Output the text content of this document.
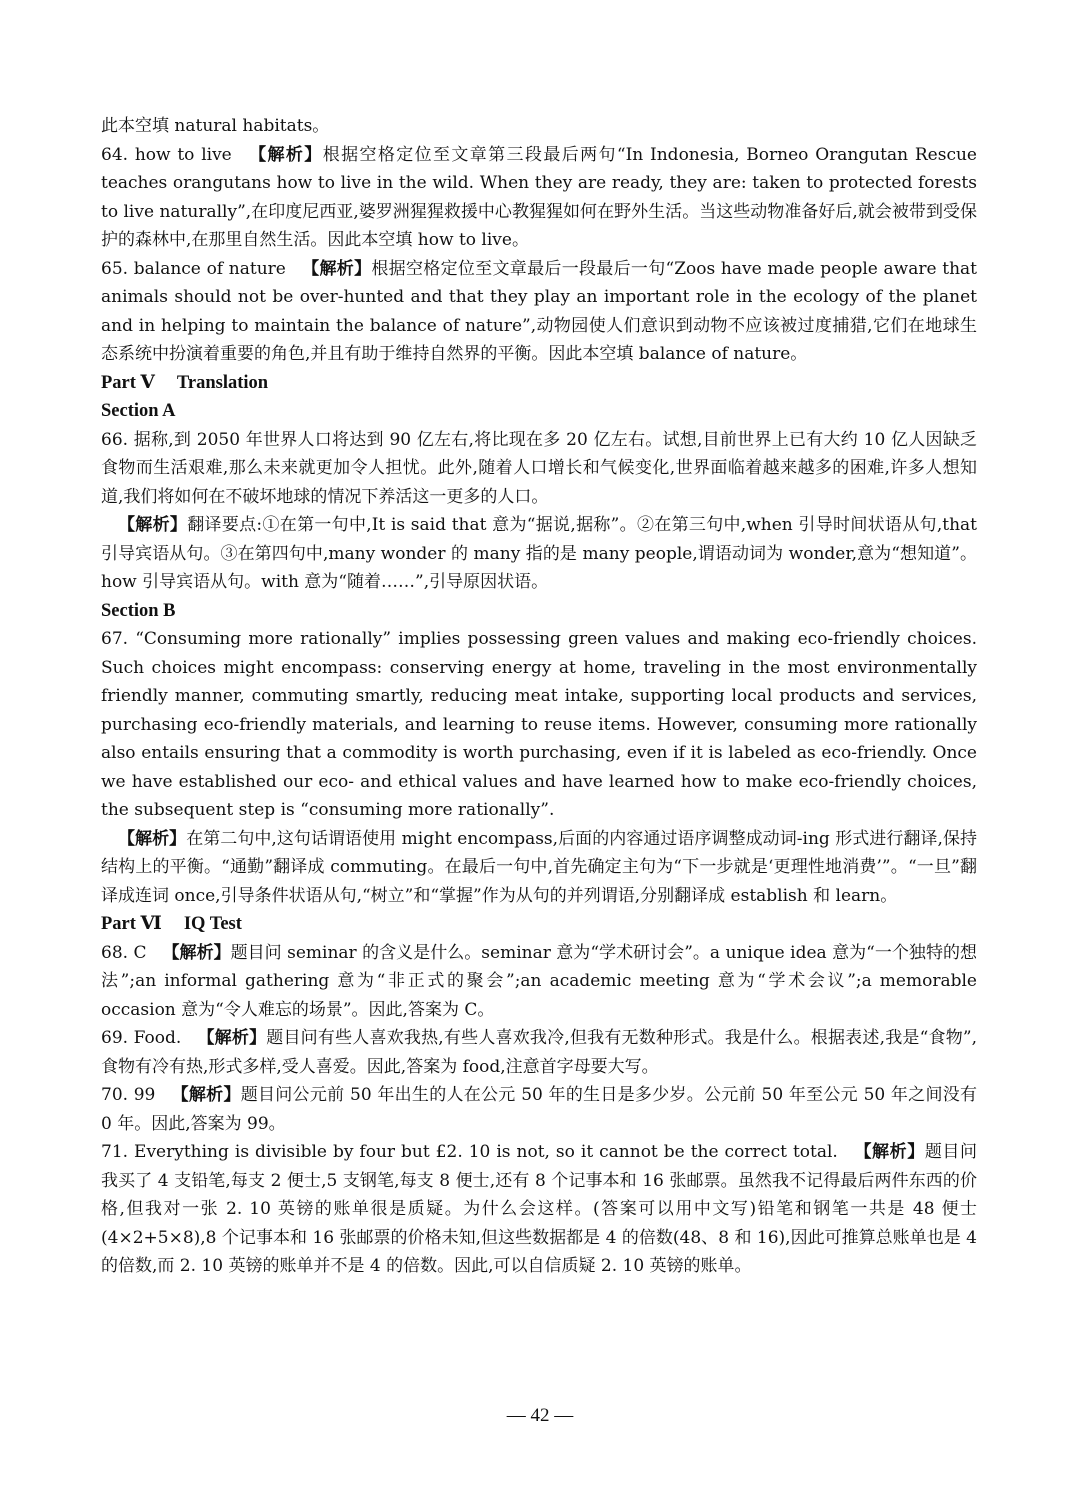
此本空填 natural habitats。

64. how to live 【解析】根据空格定位至文章第三段最后两句“In Indonesia, Borneo Orangutan Rescue teaches orangutans how to live in the wild. When they are ready, they are: taken to protected forests to live naturally”,在印度尼西亚,婆罗洲猩猩救援中心教猩猩如何在野外生活。当这些动物准备好后,就会被带到受保护的森林中,在那里自然生活。因此本空填 how to live。

65. balance of nature 【解析】根据空格定位至文章最后一段最后一句“Zoos have made people aware that animals should not be over-hunted and that they play an important role in the ecology of the planet and in helping to maintain the balance of nature”,动物园使人们意识到动物不应该被过度捕猎,它们在地球生态系统中扮演着重要的角色,并且有助于维持自然界的平衡。因此本空填 balance of nature。

Part Ⅴ Translation

Section A

66. 据称,到 2050 年世界人口将达到 90 亿左右,将比现在多 20 亿左右。试想,目前世界上已有大约 10 亿人因缺乏食物而生活艰难,那么未来就更加令人担忧。此外,随着人口增长和气候变化,世界面临着越来越多的困难,许多人想知道,我们将如何在不破坏地球的情况下养活这一更多的人口。

【解析】翻译要点:①在第一句中,It is said that 意为“据说,据称”。②在第三句中,when 引导时间状语从句,that 引导宾语从句。③在第四句中,many wonder 的 many 指的是 many people,谓语动词为 wonder,意为“想知道”。how 引导宾语从句。with 意为“随着……”,引导原因状语。

Section B

67. “Consuming more rationally” implies possessing green values and making eco-friendly choices. Such choices might encompass: conserving energy at home, traveling in the most environmentally friendly manner, commuting smartly, reducing meat intake, supporting local products and services, purchasing eco-friendly materials, and learning to reuse items. However, consuming more rationally also entails ensuring that a commodity is worth purchasing, even if it is labeled as eco-friendly. Once we have established our eco- and ethical values and have learned how to make eco-friendly choices, the subsequent step is “consuming more rationally”.

【解析】在第二句中,这句话谓语使用 might encompass,后面的内容通过语序调整成动词-ing 形式进行翻译,保持结构上的平衡。“通勤”翻译成 commuting。在最后一句中,首先确定主句为“下一步就是‘更理性地消费’”。“一旦”翻译成连词 once,引导条件状语从句,“树立”和“掌握”作为从句的并列谓语,分别翻译成 establish 和 learn。

Part Ⅵ IQ Test

68. C 【解析】题目问 seminar 的含义是什么。seminar 意为“学术研讨会”。a unique idea 意为“一个独特的想法”;an informal gathering 意为“非正式的聚会”;an academic meeting 意为“学术会议”;a memorable occasion 意为“令人难忘的场景”。因此,答案为 C。

69. Food. 【解析】题目问有些人喜欢我热,有些人喜欢我冷,但我有无数种形式。我是什么。根据表述,我是“食物”,食物有冷有热,形式多样,受人喜爱。因此,答案为 food,注意首字母要大写。

70. 99 【解析】题目问公元前 50 年出生的人在公元 50 年的生日是多少岁。公元前 50 年至公元 50 年之间没有 0 年。因此,答案为 99。

71. Everything is divisible by four but £2. 10 is not, so it cannot be the correct total. 【解析】题目问我买了 4 支铅笔,每支 2 便士,5 支钢笔,每支 8 便士,还有 8 个记事本和 16 张邮票。虽然我不记得最后两件东西的价格,但我对一张 2. 10 英镑的账单很是质疑。为什么会这样。(答案可以用中文写)铅笔和钢笔一共是 48 便士(4×2+5×8),8 个记事本和 16 张邮票的价格未知,但这些数据都是 4 的倍数(48、8 和 16),因此可推算总账单也是 4 的倍数,而 2. 10 英镑的账单并不是 4 的倍数。因此,可以自信质疑 2. 10 英镑的账单。

— 42 —
